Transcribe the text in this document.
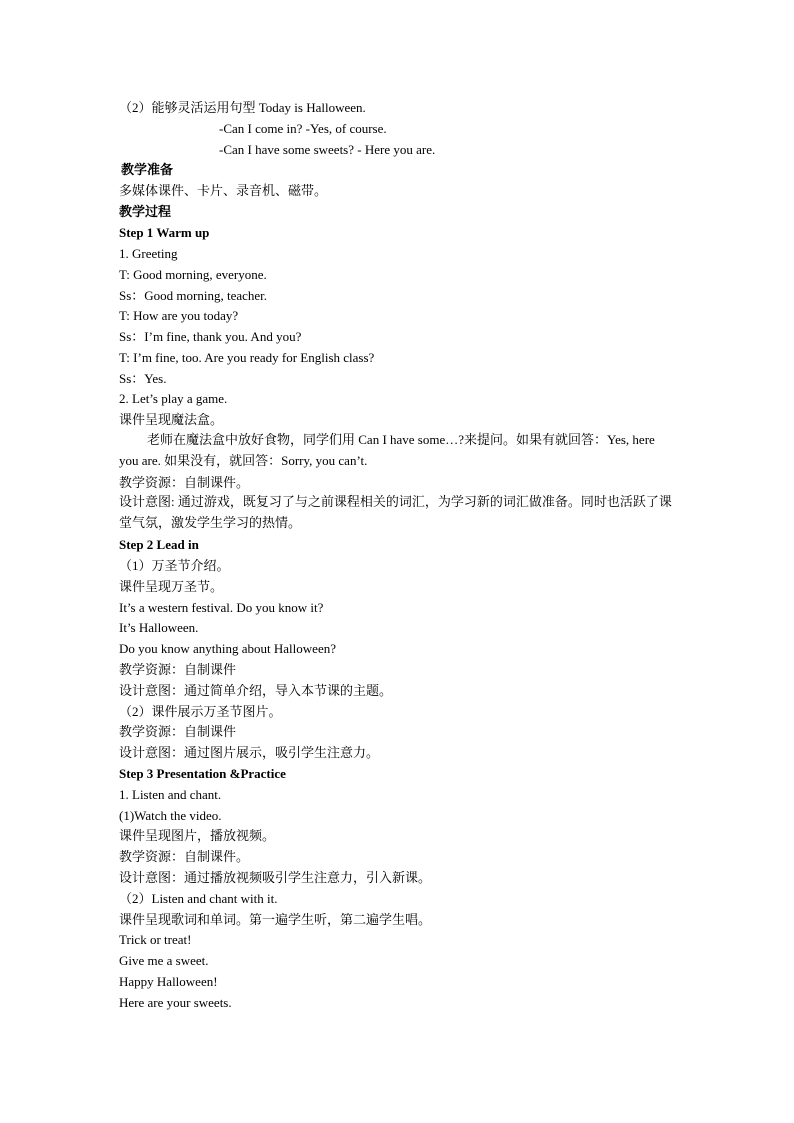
（2）能够灵活运用句型 Today is Halloween.
-Can I come in? -Yes, of course.
-Can I have some sweets? - Here you are.
教学准备
多媒体课件、卡片、录音机、磁带。
教学过程
Step 1 Warm up
1. Greeting
T: Good morning, everyone.
Ss：Good morning, teacher.
T: How are you today?
Ss：I’m fine, thank you. And you?
T: I’m fine, too. Are you ready for English class?
Ss：Yes.
2. Let’s play a game.
课件呈现魔法盒。
老师在魔法盒中放好食物，同学们用 Can I have some…?来提问。如果有就回答：Yes, here you are. 如果没有，就回答：Sorry, you can’t.
教学资源：自制课件。
设计意图: 通过游戏，既复习了与之前课程相关的词汇，为学习新的词汇做准备。同时也活跃了课堂气氛，激发学生学习的热情。
Step 2 Lead in
（1）万圣节介绍。
课件呈现万圣节。
It’s a western festival. Do you know it?
It’s Halloween.
Do you know anything about Halloween?
教学资源：自制课件
设计意图：通过简单介绍，导入本节课的主题。
（2）课件展示万圣节图片。
教学资源：自制课件
设计意图：通过图片展示，吸引学生注意力。
Step 3 Presentation &Practice
1. Listen and chant.
(1)Watch the video.
课件呈现图片，播放视频。
教学资源：自制课件。
设计意图：通过播放视频吸引学生注意力，引入新课。
（2）Listen and chant with it.
课件呈现歌词和单词。第一遍学生听，第二遍学生唱。
Trick or treat!
Give me a sweet.
Happy Halloween!
Here are your sweets.
